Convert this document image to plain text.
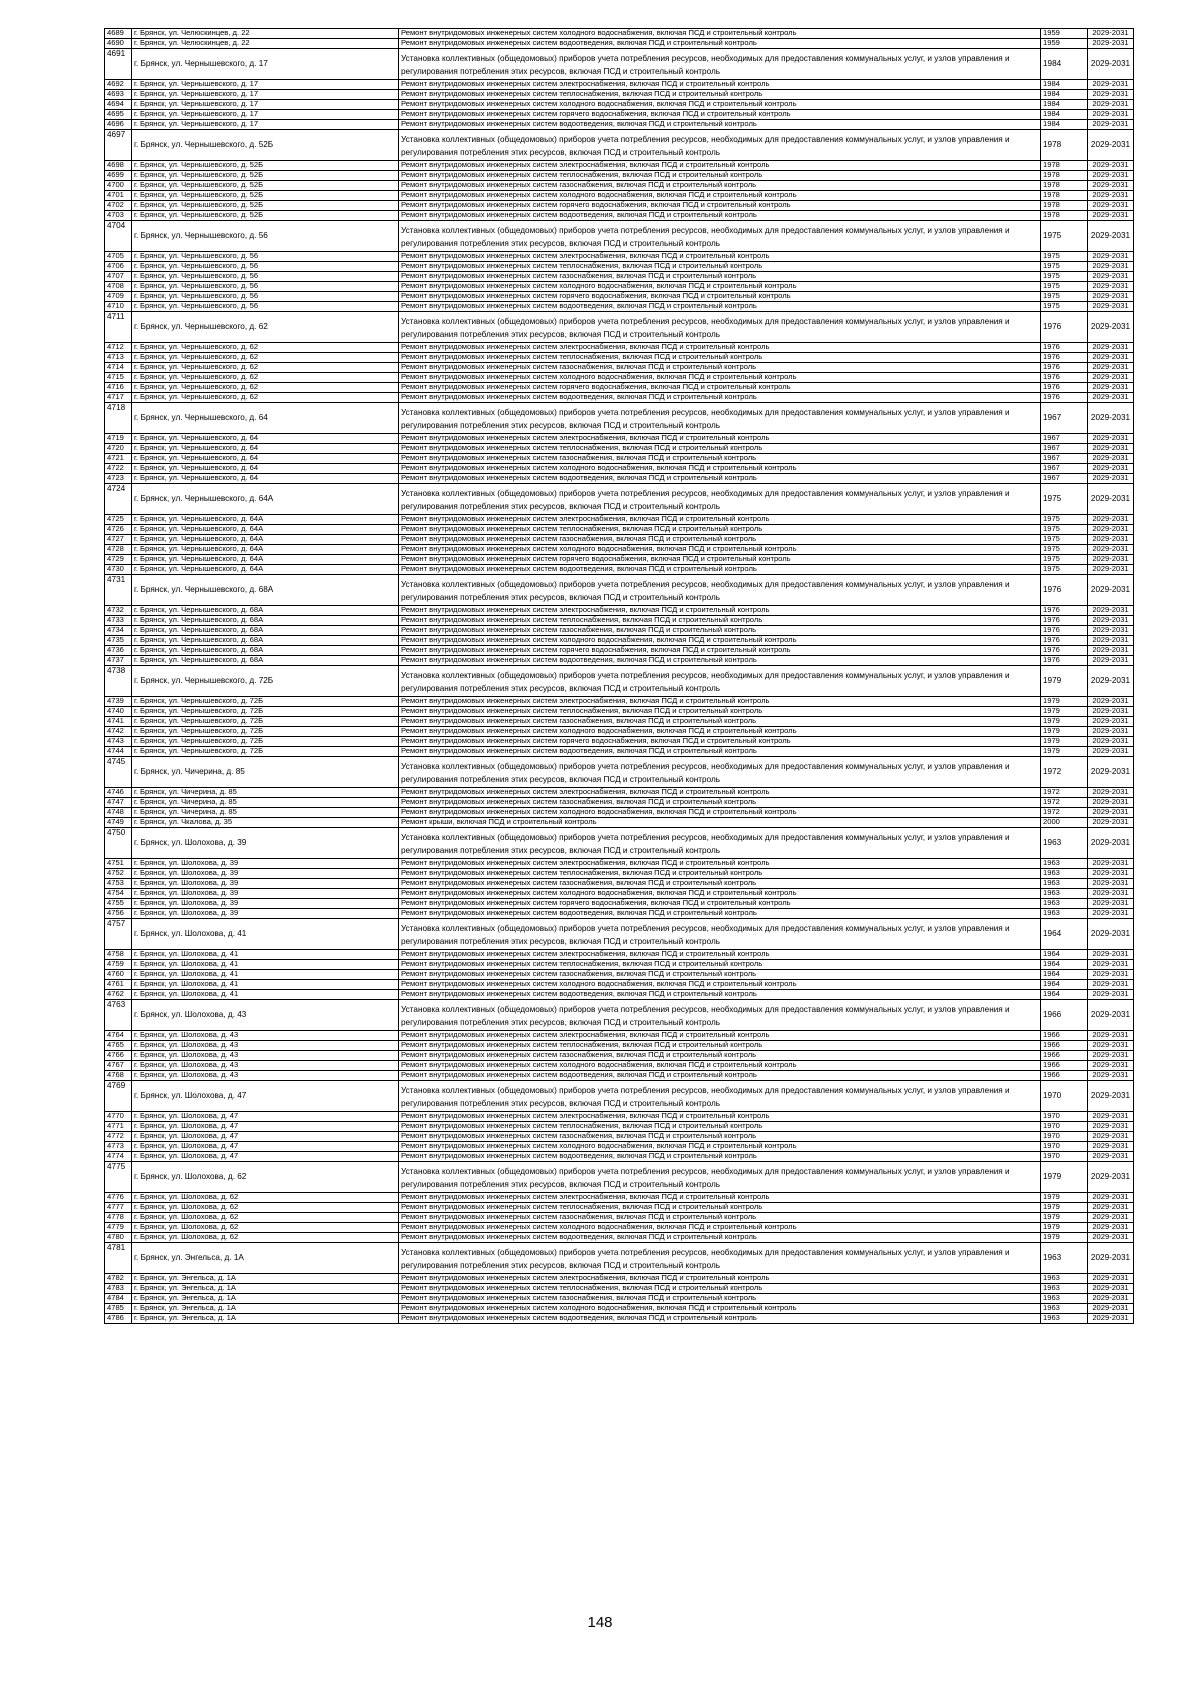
4689	г. Брянск, ул. Челюскинцев, д. 22	Ремонт внутридомовых инженерных систем холодного водоснабжения, включая ПСД и строительный контроль	1959	2029-2031
4690	г. Брянск, ул. Челюскинцев, д. 22	Ремонт внутридомовых инженерных систем водоотведения, включая ПСД и строительный контроль	1959	2029-2031
4691	г. Брянск, ул. Чернышевского, д. 17	Установка коллективных (общедомовых) приборов учета потребления ресурсов, необходимых для предоставления коммунальных услуг, и узлов управления и регулирования потребления этих ресурсов, включая ПСД и строительный контроль	1984	2029-2031
4692	г. Брянск, ул. Чернышевского, д. 17	Ремонт внутридомовых инженерных систем электроснабжения, включая ПСД и строительный контроль	1984	2029-2031
4693	г. Брянск, ул. Чернышевского, д. 17	Ремонт внутридомовых инженерных систем теплоснабжения, включая ПСД и строительный контроль	1984	2029-2031
4694	г. Брянск, ул. Чернышевского, д. 17	Ремонт внутридомовых инженерных систем холодного водоснабжения, включая ПСД и строительный контроль	1984	2029-2031
4695	г. Брянск, ул. Чернышевского, д. 17	Ремонт внутридомовых инженерных систем горячего водоснабжения, включая ПСД и строительный контроль	1984	2029-2031
4696	г. Брянск, ул. Чернышевского, д. 17	Ремонт внутридомовых инженерных систем водоотведения, включая ПСД и строительный контроль	1984	2029-2031
4697	г. Брянск, ул. Чернышевского, д. 52Б	Установка коллективных (общедомовых) приборов учета потребления ресурсов, необходимых для предоставления коммунальных услуг, и узлов управления и регулирования потребления этих ресурсов, включая ПСД и строительный контроль	1978	2029-2031
4698	г. Брянск, ул. Чернышевского, д. 52Б	Ремонт внутридомовых инженерных систем электроснабжения, включая ПСД и строительный контроль	1978	2029-2031
4699	г. Брянск, ул. Чернышевского, д. 52Б	Ремонт внутридомовых инженерных систем теплоснабжения, включая ПСД и строительный контроль	1978	2029-2031
4700	г. Брянск, ул. Чернышевского, д. 52Б	Ремонт внутридомовых инженерных систем газоснабжения, включая ПСД и строительный контроль	1978	2029-2031
4701	г. Брянск, ул. Чернышевского, д. 52Б	Ремонт внутридомовых инженерных систем холодного водоснабжения, включая ПСД и строительный контроль	1978	2029-2031
4702	г. Брянск, ул. Чернышевского, д. 52Б	Ремонт внутридомовых инженерных систем горячего водоснабжения, включая ПСД и строительный контроль	1978	2029-2031
4703	г. Брянск, ул. Чернышевского, д. 52Б	Ремонт внутридомовых инженерных систем водоотведения, включая ПСД и строительный контроль	1978	2029-2031
4704	г. Брянск, ул. Чернышевского, д. 56	Установка коллективных (общедомовых) приборов учета потребления ресурсов, необходимых для предоставления коммунальных услуг, и узлов управления и регулирования потребления этих ресурсов, включая ПСД и строительный контроль	1975	2029-2031
4705	г. Брянск, ул. Чернышевского, д. 56	Ремонт внутридомовых инженерных систем электроснабжения, включая ПСД и строительный контроль	1975	2029-2031
4706	г. Брянск, ул. Чернышевского, д. 56	Ремонт внутридомовых инженерных систем теплоснабжения, включая ПСД и строительный контроль	1975	2029-2031
4707	г. Брянск, ул. Чернышевского, д. 56	Ремонт внутридомовых инженерных систем газоснабжения, включая ПСД и строительный контроль	1975	2029-2031
4708	г. Брянск, ул. Чернышевского, д. 56	Ремонт внутридомовых инженерных систем холодного водоснабжения, включая ПСД и строительный контроль	1975	2029-2031
4709	г. Брянск, ул. Чернышевского, д. 56	Ремонт внутридомовых инженерных систем горячего водоснабжения, включая ПСД и строительный контроль	1975	2029-2031
4710	г. Брянск, ул. Чернышевского, д. 56	Ремонт внутридомовых инженерных систем водоотведения, включая ПСД и строительный контроль	1975	2029-2031
4711	г. Брянск, ул. Чернышевского, д. 62	Установка коллективных (общедомовых) приборов учета потребления ресурсов, необходимых для предоставления коммунальных услуг, и узлов управления и регулирования потребления этих ресурсов, включая ПСД и строительный контроль	1976	2029-2031
4712	г. Брянск, ул. Чернышевского, д. 62	Ремонт внутридомовых инженерных систем электроснабжения, включая ПСД и строительный контроль	1976	2029-2031
4713	г. Брянск, ул. Чернышевского, д. 62	Ремонт внутридомовых инженерных систем теплоснабжения, включая ПСД и строительный контроль	1976	2029-2031
4714	г. Брянск, ул. Чернышевского, д. 62	Ремонт внутридомовых инженерных систем газоснабжения, включая ПСД и строительный контроль	1976	2029-2031
4715	г. Брянск, ул. Чернышевского, д. 62	Ремонт внутридомовых инженерных систем холодного водоснабжения, включая ПСД и строительный контроль	1976	2029-2031
4716	г. Брянск, ул. Чернышевского, д. 62	Ремонт внутридомовых инженерных систем горячего водоснабжения, включая ПСД и строительный контроль	1976	2029-2031
4717	г. Брянск, ул. Чернышевского, д. 62	Ремонт внутридомовых инженерных систем водоотведения, включая ПСД и строительный контроль	1976	2029-2031
4718	г. Брянск, ул. Чернышевского, д. 64	Установка коллективных (общедомовых) приборов учета потребления ресурсов, необходимых для предоставления коммунальных услуг, и узлов управления и регулирования потребления этих ресурсов, включая ПСД и строительный контроль	1967	2029-2031
4719	г. Брянск, ул. Чернышевского, д. 64	Ремонт внутридомовых инженерных систем электроснабжения, включая ПСД и строительный контроль	1967	2029-2031
4720	г. Брянск, ул. Чернышевского, д. 64	Ремонт внутридомовых инженерных систем теплоснабжения, включая ПСД и строительный контроль	1967	2029-2031
4721	г. Брянск, ул. Чернышевского, д. 64	Ремонт внутридомовых инженерных систем газоснабжения, включая ПСД и строительный контроль	1967	2029-2031
4722	г. Брянск, ул. Чернышевского, д. 64	Ремонт внутридомовых инженерных систем холодного водоснабжения, включая ПСД и строительный контроль	1967	2029-2031
4723	г. Брянск, ул. Чернышевского, д. 64	Ремонт внутридомовых инженерных систем водоотведения, включая ПСД и строительный контроль	1967	2029-2031
4724	г. Брянск, ул. Чернышевского, д. 64А	Установка коллективных (общедомовых) приборов учета потребления ресурсов, необходимых для предоставления коммунальных услуг, и узлов управления и регулирования потребления этих ресурсов, включая ПСД и строительный контроль	1975	2029-2031
4725	г. Брянск, ул. Чернышевского, д. 64А	Ремонт внутридомовых инженерных систем электроснабжения, включая ПСД и строительный контроль	1975	2029-2031
4726	г. Брянск, ул. Чернышевского, д. 64А	Ремонт внутридомовых инженерных систем теплоснабжения, включая ПСД и строительный контроль	1975	2029-2031
4727	г. Брянск, ул. Чернышевского, д. 64А	Ремонт внутридомовых инженерных систем газоснабжения, включая ПСД и строительный контроль	1975	2029-2031
4728	г. Брянск, ул. Чернышевского, д. 64А	Ремонт внутридомовых инженерных систем холодного водоснабжения, включая ПСД и строительный контроль	1975	2029-2031
4729	г. Брянск, ул. Чернышевского, д. 64А	Ремонт внутридомовых инженерных систем горячего водоснабжения, включая ПСД и строительный контроль	1975	2029-2031
4730	г. Брянск, ул. Чернышевского, д. 64А	Ремонт внутридомовых инженерных систем водоотведения, включая ПСД и строительный контроль	1975	2029-2031
4731	г. Брянск, ул. Чернышевского, д. 68А	Установка коллективных (общедомовых) приборов учета потребления ресурсов, необходимых для предоставления коммунальных услуг, и узлов управления и регулирования потребления этих ресурсов, включая ПСД и строительный контроль	1976	2029-2031
4732	г. Брянск, ул. Чернышевского, д. 68А	Ремонт внутридомовых инженерных систем электроснабжения, включая ПСД и строительный контроль	1976	2029-2031
4733	г. Брянск, ул. Чернышевского, д. 68А	Ремонт внутридомовых инженерных систем теплоснабжения, включая ПСД и строительный контроль	1976	2029-2031
4734	г. Брянск, ул. Чернышевского, д. 68А	Ремонт внутридомовых инженерных систем газоснабжения, включая ПСД и строительный контроль	1976	2029-2031
4735	г. Брянск, ул. Чернышевского, д. 68А	Ремонт внутридомовых инженерных систем холодного водоснабжения, включая ПСД и строительный контроль	1976	2029-2031
4736	г. Брянск, ул. Чернышевского, д. 68А	Ремонт внутридомовых инженерных систем горячего водоснабжения, включая ПСД и строительный контроль	1976	2029-2031
4737	г. Брянск, ул. Чернышевского, д. 68А	Ремонт внутридомовых инженерных систем водоотведения, включая ПСД и строительный контроль	1976	2029-2031
4738	г. Брянск, ул. Чернышевского, д. 72Б	Установка коллективных (общедомовых) приборов учета потребления ресурсов, необходимых для предоставления коммунальных услуг, и узлов управления и регулирования потребления этих ресурсов, включая ПСД и строительный контроль	1979	2029-2031
4739	г. Брянск, ул. Чернышевского, д. 72Б	Ремонт внутридомовых инженерных систем электроснабжения, включая ПСД и строительный контроль	1979	2029-2031
4740	г. Брянск, ул. Чернышевского, д. 72Б	Ремонт внутридомовых инженерных систем теплоснабжения, включая ПСД и строительный контроль	1979	2029-2031
4741	г. Брянск, ул. Чернышевского, д. 72Б	Ремонт внутридомовых инженерных систем газоснабжения, включая ПСД и строительный контроль	1979	2029-2031
4742	г. Брянск, ул. Чернышевского, д. 72Б	Ремонт внутридомовых инженерных систем холодного водоснабжения, включая ПСД и строительный контроль	1979	2029-2031
4743	г. Брянск, ул. Чернышевского, д. 72Б	Ремонт внутридомовых инженерных систем горячего водоснабжения, включая ПСД и строительный контроль	1979	2029-2031
4744	г. Брянск, ул. Чернышевского, д. 72Б	Ремонт внутридомовых инженерных систем водоотведения, включая ПСД и строительный контроль	1979	2029-2031
4745	г. Брянск, ул. Чичерина, д. 85	Установка коллективных (общедомовых) приборов учета потребления ресурсов, необходимых для предоставления коммунальных услуг, и узлов управления и регулирования потребления этих ресурсов, включая ПСД и строительный контроль	1972	2029-2031
4746	г. Брянск, ул. Чичерина, д. 85	Ремонт внутридомовых инженерных систем электроснабжения, включая ПСД и строительный контроль	1972	2029-2031
4747	г. Брянск, ул. Чичерина, д. 85	Ремонт внутридомовых инженерных систем газоснабжения, включая ПСД и строительный контроль	1972	2029-2031
4748	г. Брянск, ул. Чичерина, д. 85	Ремонт внутридомовых инженерных систем холодного водоснабжения, включая ПСД и строительный контроль	1972	2029-2031
4749	г. Брянск, ул. Чкалова, д. 35	Ремонт крыши, включая ПСД и строительный контроль	2000	2029-2031
4750	г. Брянск, ул. Шолохова, д. 39	Установка коллективных (общедомовых) приборов учета потребления ресурсов, необходимых для предоставления коммунальных услуг, и узлов управления и регулирования потребления этих ресурсов, включая ПСД и строительный контроль	1963	2029-2031
4751	г. Брянск, ул. Шолохова, д. 39	Ремонт внутридомовых инженерных систем электроснабжения, включая ПСД и строительный контроль	1963	2029-2031
4752	г. Брянск, ул. Шолохова, д. 39	Ремонт внутридомовых инженерных систем теплоснабжения, включая ПСД и строительный контроль	1963	2029-2031
4753	г. Брянск, ул. Шолохова, д. 39	Ремонт внутридомовых инженерных систем газоснабжения, включая ПСД и строительный контроль	1963	2029-2031
4754	г. Брянск, ул. Шолохова, д. 39	Ремонт внутридомовых инженерных систем холодного водоснабжения, включая ПСД и строительный контроль	1963	2029-2031
4755	г. Брянск, ул. Шолохова, д. 39	Ремонт внутридомовых инженерных систем горячего водоснабжения, включая ПСД и строительный контроль	1963	2029-2031
4756	г. Брянск, ул. Шолохова, д. 39	Ремонт внутридомовых инженерных систем водоотведения, включая ПСД и строительный контроль	1963	2029-2031
4757	г. Брянск, ул. Шолохова, д. 41	Установка коллективных (общедомовых) приборов учета потребления ресурсов, необходимых для предоставления коммунальных услуг, и узлов управления и регулирования потребления этих ресурсов, включая ПСД и строительный контроль	1964	2029-2031
4758	г. Брянск, ул. Шолохова, д. 41	Ремонт внутридомовых инженерных систем электроснабжения, включая ПСД и строительный контроль	1964	2029-2031
4759	г. Брянск, ул. Шолохова, д. 41	Ремонт внутридомовых инженерных систем теплоснабжения, включая ПСД и строительный контроль	1964	2029-2031
4760	г. Брянск, ул. Шолохова, д. 41	Ремонт внутридомовых инженерных систем газоснабжения, включая ПСД и строительный контроль	1964	2029-2031
4761	г. Брянск, ул. Шолохова, д. 41	Ремонт внутридомовых инженерных систем холодного водоснабжения, включая ПСД и строительный контроль	1964	2029-2031
4762	г. Брянск, ул. Шолохова, д. 41	Ремонт внутридомовых инженерных систем водоотведения, включая ПСД и строительный контроль	1964	2029-2031
4763	г. Брянск, ул. Шолохова, д. 43	Установка коллективных (общедомовых) приборов учета потребления ресурсов, необходимых для предоставления коммунальных услуг, и узлов управления и регулирования потребления этих ресурсов, включая ПСД и строительный контроль	1966	2029-2031
4764	г. Брянск, ул. Шолохова, д. 43	Ремонт внутридомовых инженерных систем электроснабжения, включая ПСД и строительный контроль	1966	2029-2031
4765	г. Брянск, ул. Шолохова, д. 43	Ремонт внутридомовых инженерных систем теплоснабжения, включая ПСД и строительный контроль	1966	2029-2031
4766	г. Брянск, ул. Шолохова, д. 43	Ремонт внутридомовых инженерных систем газоснабжения, включая ПСД и строительный контроль	1966	2029-2031
4767	г. Брянск, ул. Шолохова, д. 43	Ремонт внутридомовых инженерных систем холодного водоснабжения, включая ПСД и строительный контроль	1966	2029-2031
4768	г. Брянск, ул. Шолохова, д. 43	Ремонт внутридомовых инженерных систем водоотведения, включая ПСД и строительный контроль	1966	2029-2031
4769	г. Брянск, ул. Шолохова, д. 47	Установка коллективных (общедомовых) приборов учета потребления ресурсов, необходимых для предоставления коммунальных услуг, и узлов управления и регулирования потребления этих ресурсов, включая ПСД и строительный контроль	1970	2029-2031
4770	г. Брянск, ул. Шолохова, д. 47	Ремонт внутридомовых инженерных систем электроснабжения, включая ПСД и строительный контроль	1970	2029-2031
4771	г. Брянск, ул. Шолохова, д. 47	Ремонт внутридомовых инженерных систем теплоснабжения, включая ПСД и строительный контроль	1970	2029-2031
4772	г. Брянск, ул. Шолохова, д. 47	Ремонт внутридомовых инженерных систем газоснабжения, включая ПСД и строительный контроль	1970	2029-2031
4773	г. Брянск, ул. Шолохова, д. 47	Ремонт внутридомовых инженерных систем холодного водоснабжения, включая ПСД и строительный контроль	1970	2029-2031
4774	г. Брянск, ул. Шолохова, д. 47	Ремонт внутридомовых инженерных систем водоотведения, включая ПСД и строительный контроль	1970	2029-2031
4775	г. Брянск, ул. Шолохова, д. 62	Установка коллективных (общедомовых) приборов учета потребления ресурсов, необходимых для предоставления коммунальных услуг, и узлов управления и регулирования потребления этих ресурсов, включая ПСД и строительный контроль	1979	2029-2031
4776	г. Брянск, ул. Шолохова, д. 62	Ремонт внутридомовых инженерных систем электроснабжения, включая ПСД и строительный контроль	1979	2029-2031
4777	г. Брянск, ул. Шолохова, д. 62	Ремонт внутридомовых инженерных систем теплоснабжения, включая ПСД и строительный контроль	1979	2029-2031
4778	г. Брянск, ул. Шолохова, д. 62	Ремонт внутридомовых инженерных систем газоснабжения, включая ПСД и строительный контроль	1979	2029-2031
4779	г. Брянск, ул. Шолохова, д. 62	Ремонт внутридомовых инженерных систем холодного водоснабжения, включая ПСД и строительный контроль	1979	2029-2031
4780	г. Брянск, ул. Шолохова, д. 62	Ремонт внутридомовых инженерных систем водоотведения, включая ПСД и строительный контроль	1979	2029-2031
4781	г. Брянск, ул. Энгельса, д. 1А	Установка коллективных (общедомовых) приборов учета потребления ресурсов, необходимых для предоставления коммунальных услуг, и узлов управления и регулирования потребления этих ресурсов, включая ПСД и строительный контроль	1963	2029-2031
4782	г. Брянск, ул. Энгельса, д. 1А	Ремонт внутридомовых инженерных систем электроснабжения, включая ПСД и строительный контроль	1963	2029-2031
4783	г. Брянск, ул. Энгельса, д. 1А	Ремонт внутридомовых инженерных систем теплоснабжения, включая ПСД и строительный контроль	1963	2029-2031
4784	г. Брянск, ул. Энгельса, д. 1А	Ремонт внутридомовых инженерных систем газоснабжения, включая ПСД и строительный контроль	1963	2029-2031
4785	г. Брянск, ул. Энгельса, д. 1А	Ремонт внутридомовых инженерных систем холодного водоснабжения, включая ПСД и строительный контроль	1963	2029-2031
4786	г. Брянск, ул. Энгельса, д. 1А	Ремонт внутридомовых инженерных систем водоотведения, включая ПСД и строительный контроль	1963	2029-2031
148
